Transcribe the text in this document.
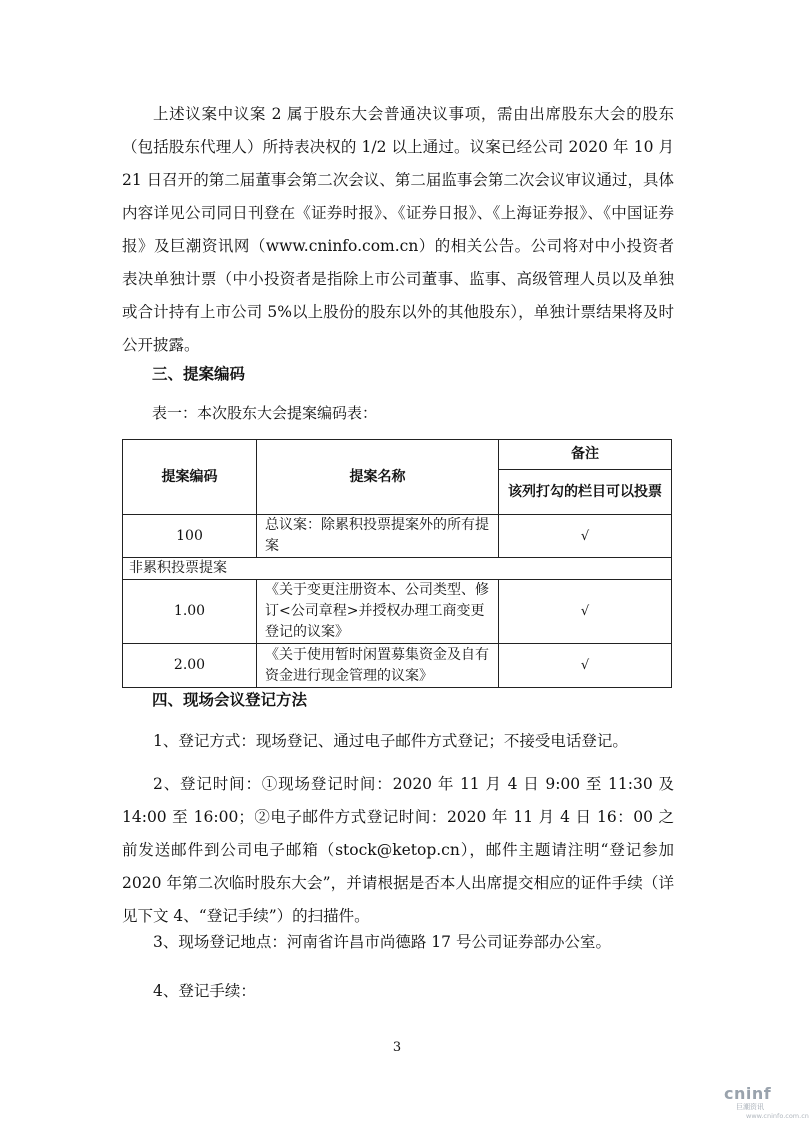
上述议案中议案 2 属于股东大会普通决议事项，需由出席股东大会的股东（包括股东代理人）所持表决权的 1/2 以上通过。议案已经公司 2020 年 10 月 21 日召开的第二届董事会第二次会议、第二届监事会第二次会议审议通过，具体内容详见公司同日刊登在《证券时报》、《证券日报》、《上海证券报》、《中国证券报》及巨潮资讯网（www.cninfo.com.cn）的相关公告。公司将对中小投资者表决单独计票（中小投资者是指除上市公司董事、监事、高级管理人员以及单独或合计持有上市公司 5%以上股份的股东以外的其他股东），单独计票结果将及时公开披露。

三、提案编码

表一：本次股东大会提案编码表：

提案编码	提案名称	备注
		该列打勾的栏目可以投票
100	总议案：除累积投票提案外的所有提案	√
非累积投票提案		
1.00	《关于变更注册资本、公司类型、修订<公司章程>并授权办理工商变更登记的议案》	√
2.00	《关于使用暂时闲置募集资金及自有资金进行现金管理的议案》	√

四、现场会议登记方法

1、登记方式：现场登记、通过电子邮件方式登记；不接受电话登记。

2、登记时间：①现场登记时间：2020 年 11 月 4 日 9:00 至 11:30 及 14:00 至 16:00；②电子邮件方式登记时间：2020 年 11 月 4 日 16：00 之前发送邮件到公司电子邮箱（stock@ketop.cn），邮件主题请注明“登记参加 2020 年第二次临时股东大会”，并请根据是否本人出席提交相应的证件手续（详见下文 4、“登记手续”）的扫描件。

3、现场登记地点：河南省许昌市尚德路 17 号公司证券部办公室。

4、登记手续：

3

cninf
巨潮资讯
www.cninfo.com.cn
